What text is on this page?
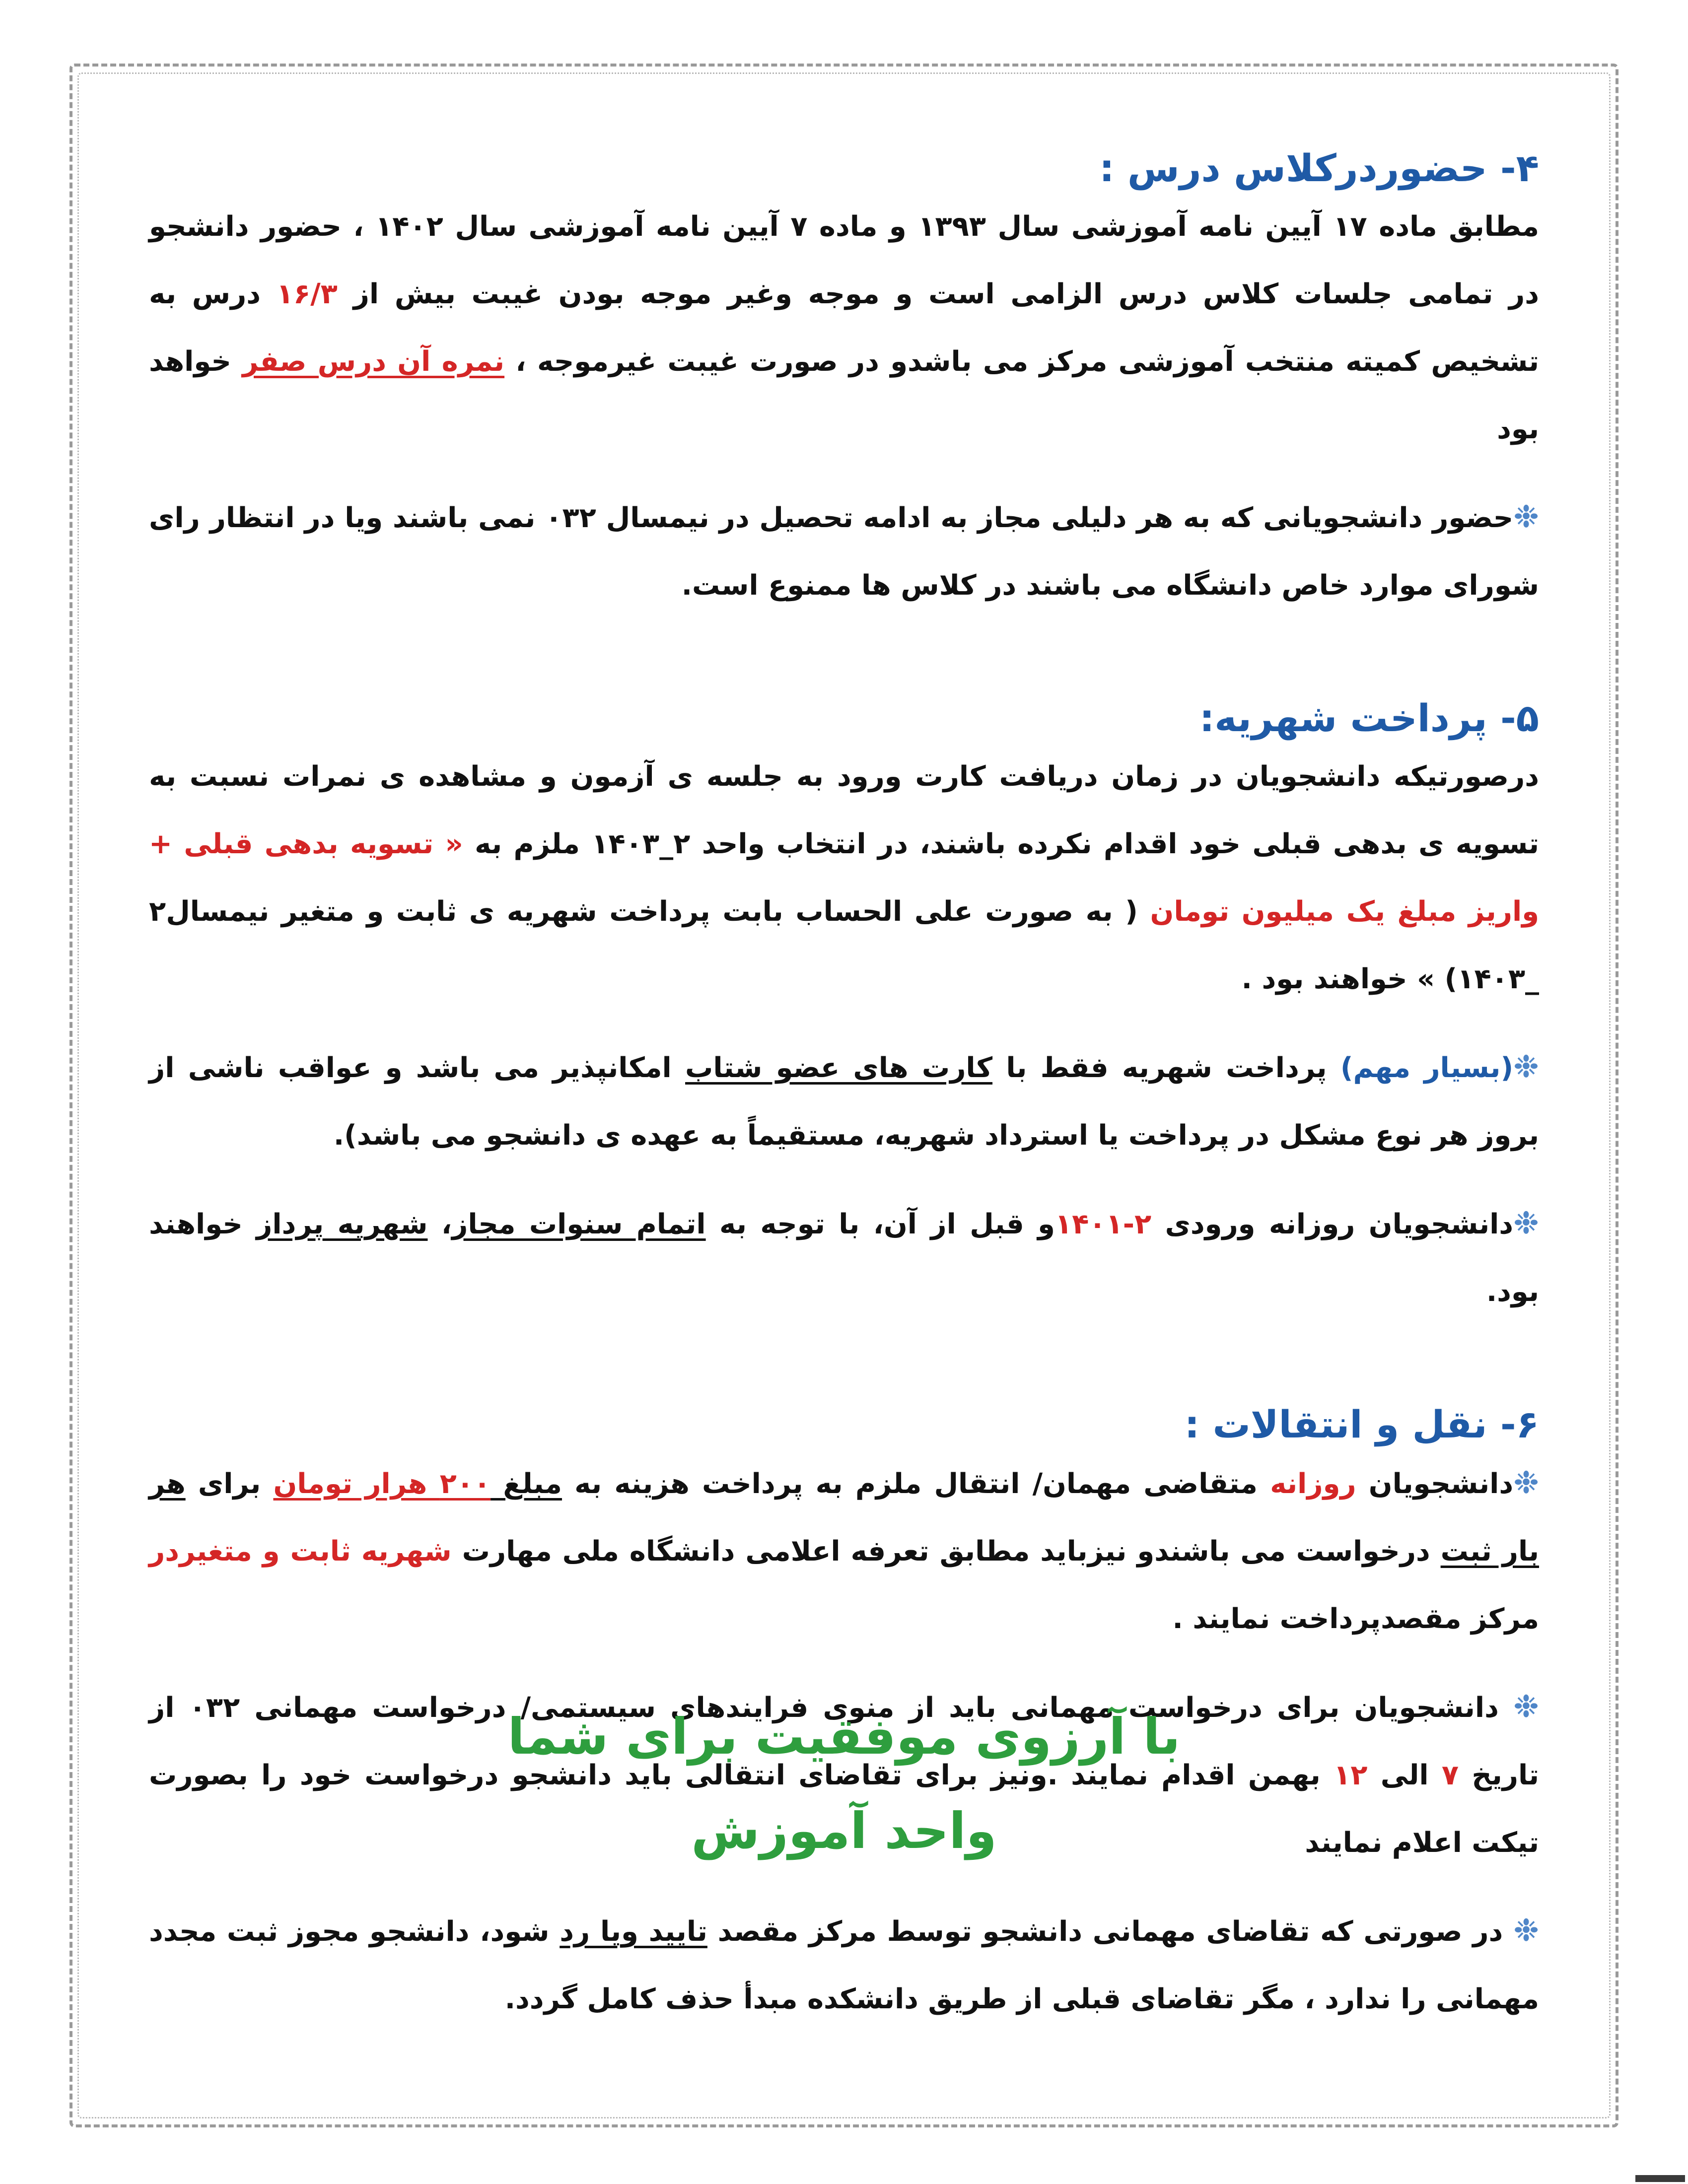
۴- حضوردرکلاس درس :

مطابق ماده ۱۷ آیین نامه آموزشی سال ۱۳۹۳ و ماده ۷ آیین نامه آموزشی سال ۱۴۰۲ ، حضور دانشجو در تمامی جلسات کلاس درس الزامی است و موجه وغیر موجه بودن غیبت بیش از ۱۶/۳ درس به تشخیص کمیته منتخب آموزشی مرکز می باشدو در صورت غیبت غیرموجه ، نمره آن درس صفر خواهد بود

❉حضور دانشجویانی که به هر دلیلی مجاز به ادامه تحصیل در نیمسال ۰۳۲ نمی باشند ویا در انتظار رای شورای موارد خاص دانشگاه می باشند در کلاس ها ممنوع است.

۵- پرداخت شهریه:

درصورتیکه دانشجویان در زمان دریافت کارت ورود به جلسه ی آزمون و مشاهده ی نمرات نسبت به تسویه ی بدهی قبلی خود اقدام نکرده باشند، در انتخاب واحد ۲_۱۴۰۳ ملزم به « تسویه بدهی قبلی + واریز مبلغ یک میلیون تومان ( به صورت علی الحساب بابت پرداخت شهریه ی ثابت و متغیر نیمسال۲ _۱۴۰۳) » خواهند بود .

❉(بسیار مهم) پرداخت شهریه فقط با کارت های عضو شتاب امکانپذیر می باشد و عواقب ناشی از بروز هر نوع مشکل در پرداخت یا استرداد شهریه، مستقیماً به عهده ی دانشجو می باشد).

❉دانشجویان روزانه ورودی ۲-۱۴۰۱و قبل از آن، با توجه به اتمام سنوات مجاز، شهریه پرداز خواهند بود.

۶- نقل و انتقالات :

❉دانشجویان روزانه متقاضی مهمان/ انتقال ملزم به پرداخت هزینه به مبلغ ۲۰۰ هرار تومان برای هر بار ثبت درخواست می باشندو نیزباید مطابق تعرفه اعلامی دانشگاه ملی مهارت شهریه ثابت و متغیردر مرکز مقصدپرداخت نمایند .

❉ دانشجویان برای درخواست مهمانی باید از منوی فرایندهای سیستمی/ درخواست مهمانی ۰۳۲ از تاریخ ۷ الی ۱۲ بهمن اقدام نمایند .ونیز برای تقاضای انتقالی باید دانشجو درخواست خود را بصورت تیکت اعلام نمایند

❉ در صورتی که تقاضای مهمانی دانشجو توسط مرکز مقصد تایید ویا رد شود، دانشجو مجوز ثبت مجدد مهمانی را ندارد ، مگر تقاضای قبلی از طریق دانشکده مبدأ حذف کامل گردد.

با آرزوی موفقیت برای شما
واحد آموزش
